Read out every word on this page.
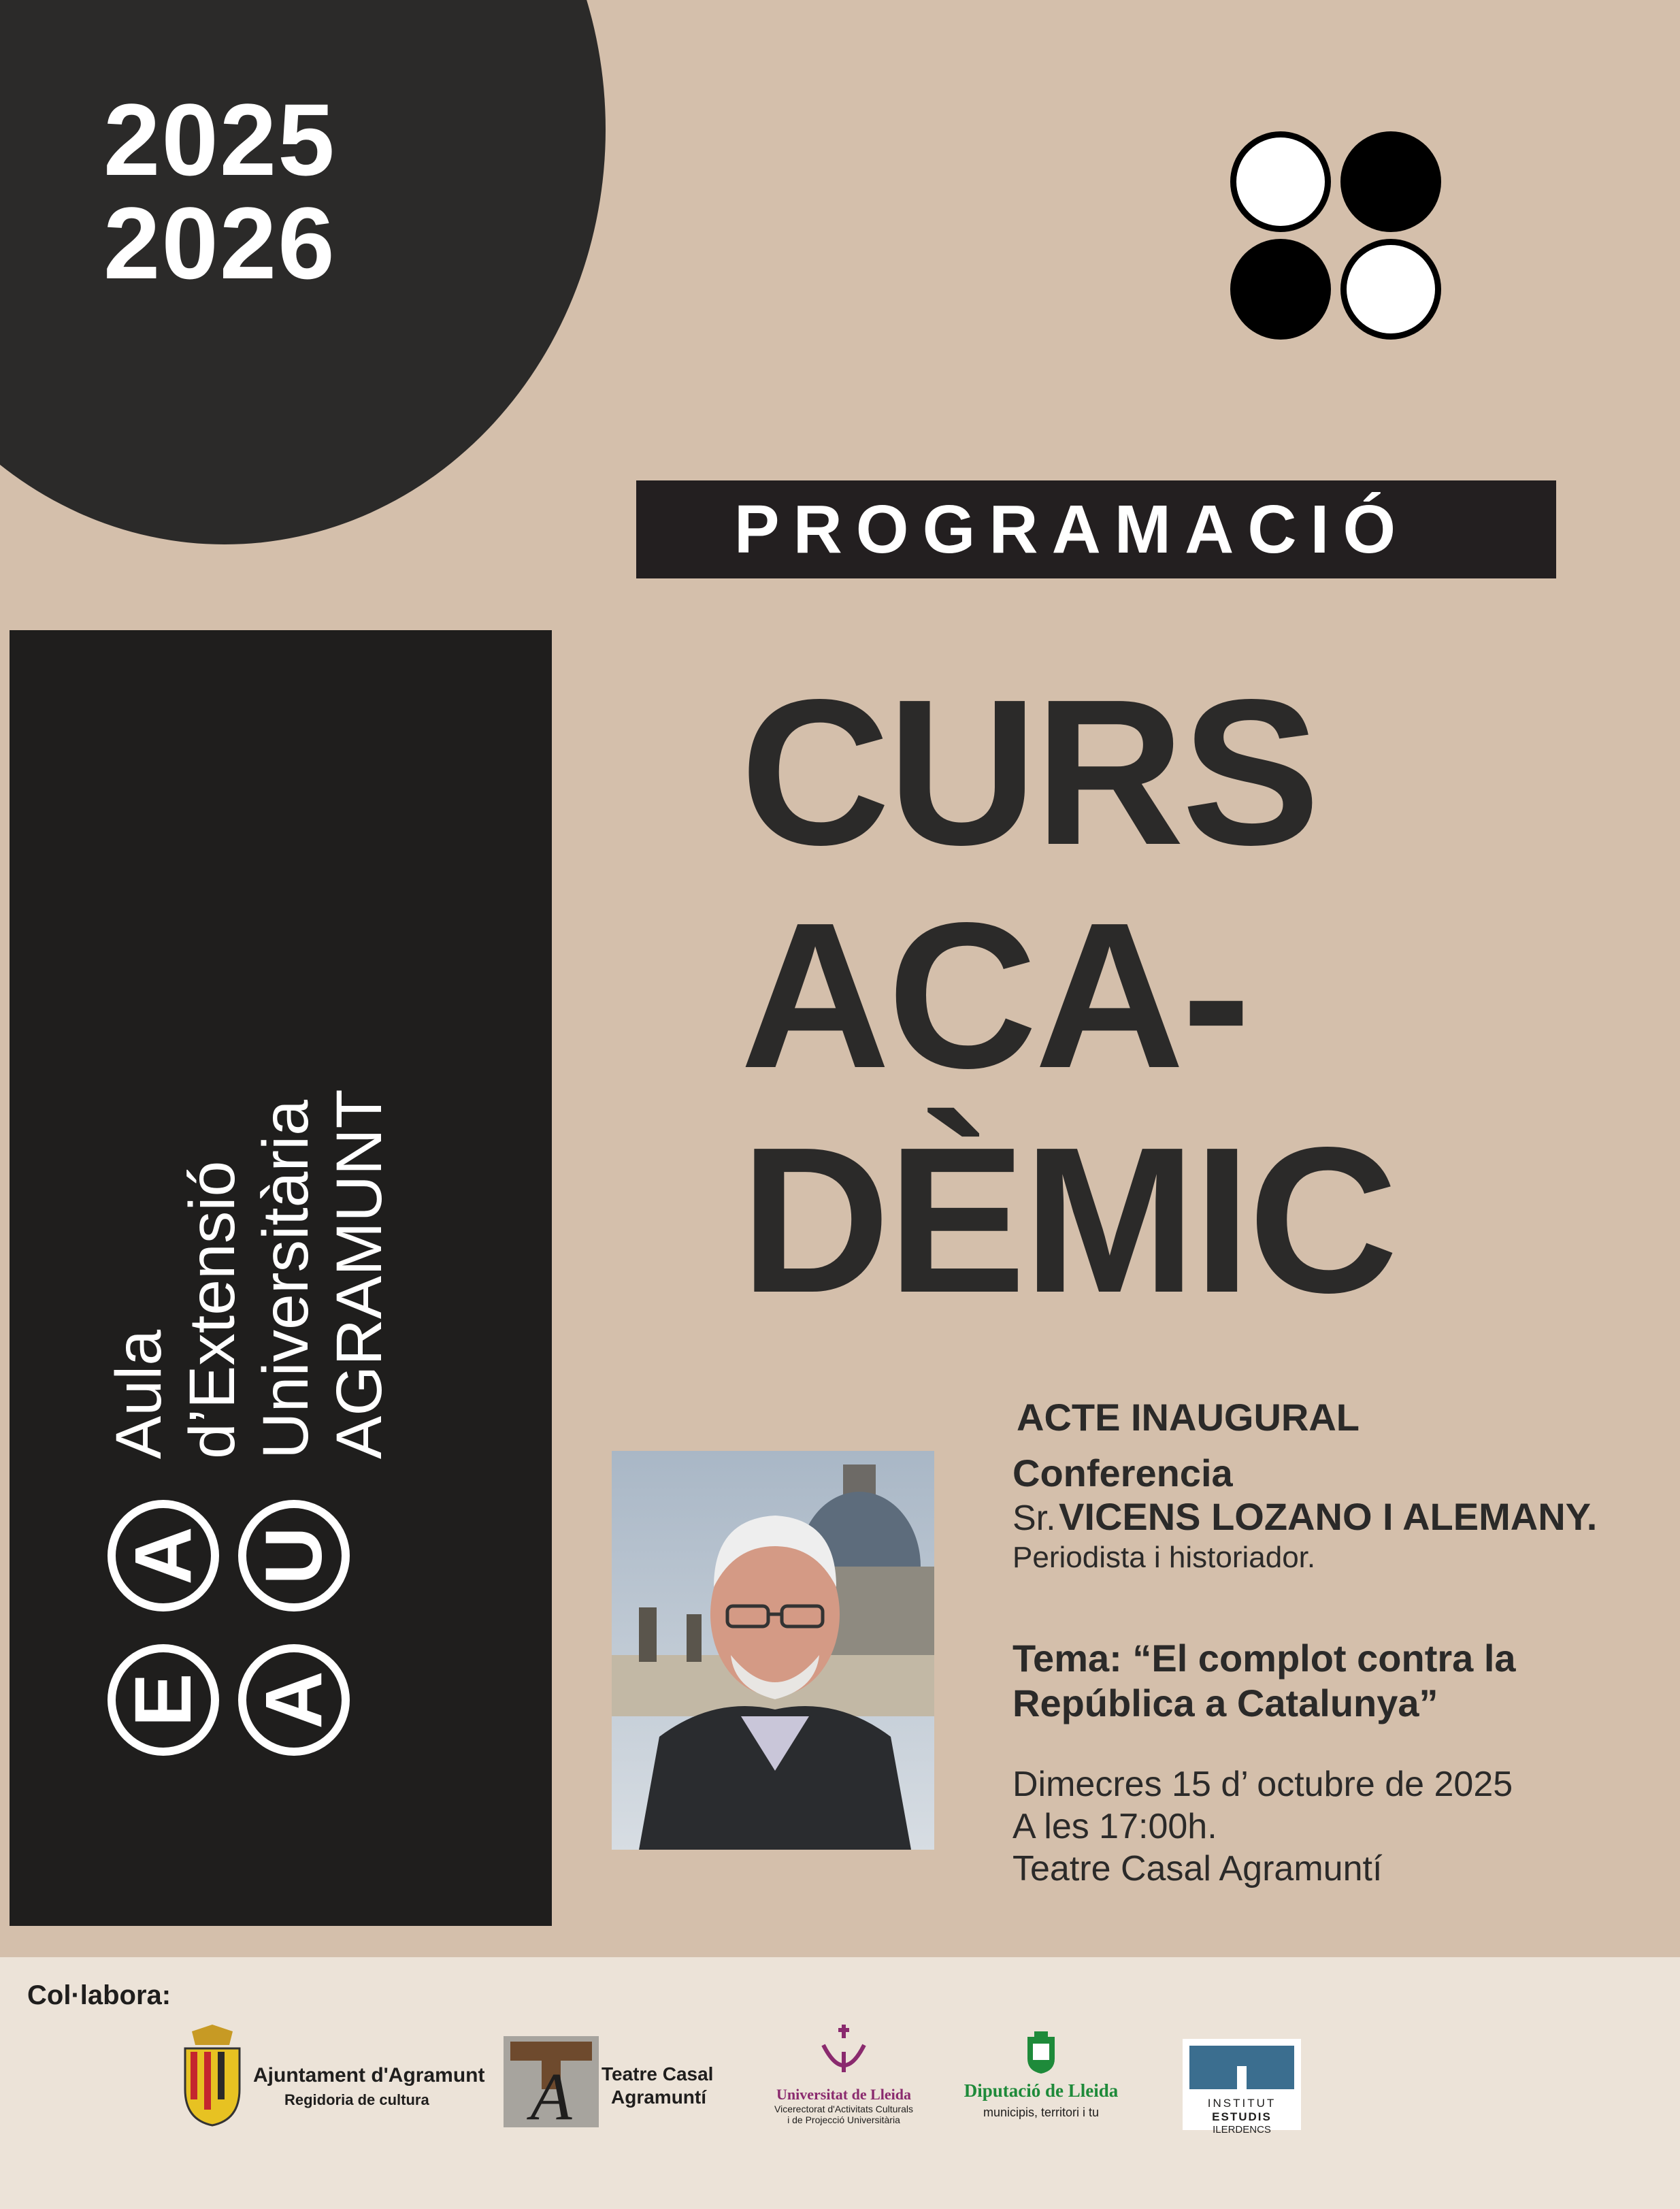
2025
2026
PROGRAMACIÓ
E
A
A
U
Aula d’Extensió Universitària AGRAMUNT
CURS
ACA-
DÈMIC
ACTE INAUGURAL
Conferencia
Sr. VICENS LOZANO I ALEMANY.
Periodista i historiador.
Tema: “El complot contra la
República a Catalunya”
Dimecres 15 d’ octubre de 2025
A les 17:00h.
Teatre Casal Agramuntí
Col·labora:
Ajuntament d'Agramunt
Regidoria de cultura A Teatre Casal
Agramuntí	Universitat de Lleida
Vicerectorat d'Activitats Culturals
i de Projecció Universitària
Diputació de Lleida
municipis, territori i tu
INSTITUT
ESTUDIS
ILERDENCS
